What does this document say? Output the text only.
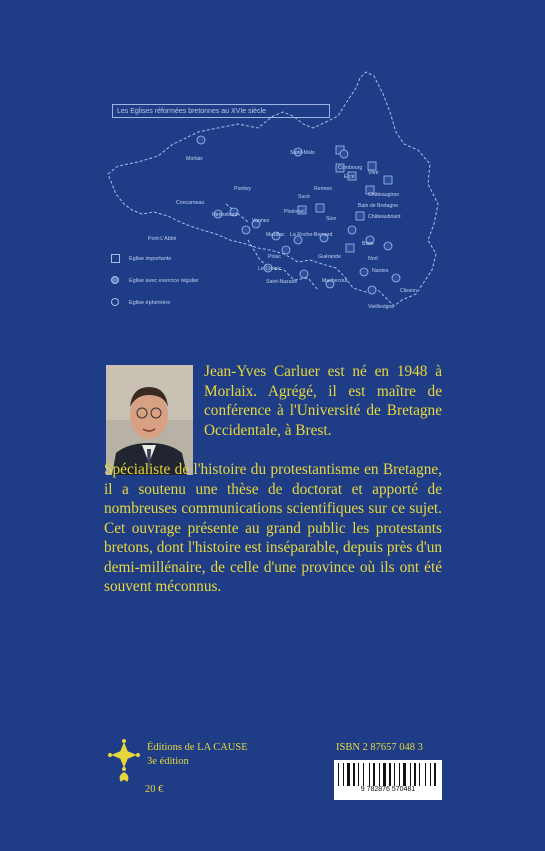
Les Eglises réformées bretonnes au XVIe siècle
Saint-Malo
Morlaix
Combourg
Ercé
Vitré
Rennes
Châteaugiron
Bain de Bretagne
Châteaubriant
Ploërmel
Sion
Pontivy
Concarneau
Hennebont
Vannes
Muzillac La Roche-Bernard
Blain
Pont-L'Abbé
Piriac	Guérande	Nort
Le Croisic	Nantes
Saint-Nazaire	Machecoul
Vieillevigne
Clisson
Sucé
Eglise importante
Eglise avec exercice régulier
Eglise éphémère

Jean-Yves Carluer est né en 1948 à Morlaix. Agrégé, il est maître de conférence à l'Université de Bretagne Occidentale, à Brest.

Spécialiste de l'histoire du protestantisme en Bretagne, il a soutenu une thèse de doctorat et apporté de nombreuses communications scientifiques sur ce sujet. Cet ouvrage présente au grand public les protestants bretons, dont l'histoire est inséparable, depuis près d'un demi-millénaire, de celle d'une province où ils ont été souvent méconnus.

Éditions de LA CAUSE
3e édition
20 €
ISBN 2 87657 048 3
9 782876 570481
